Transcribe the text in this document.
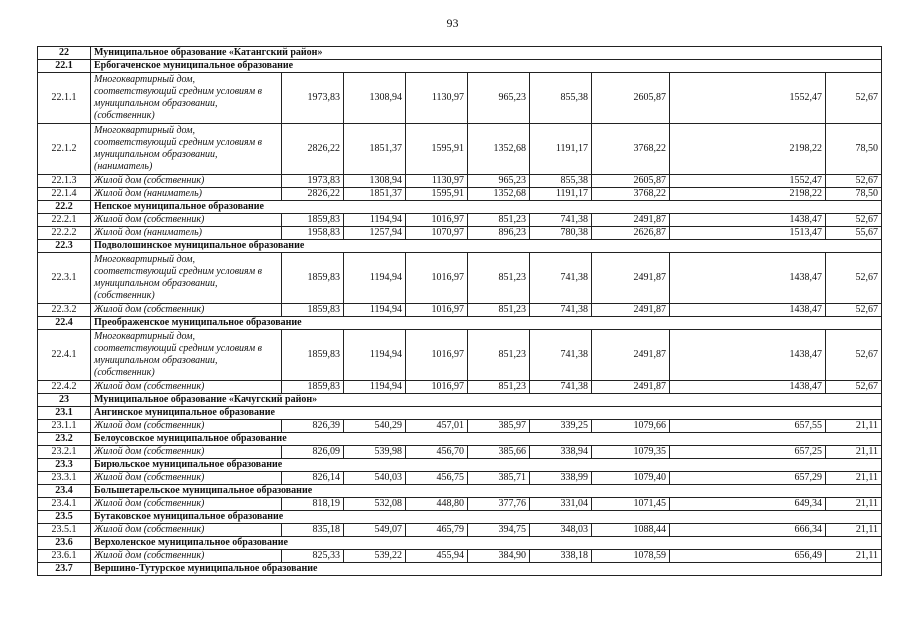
93
22	Муниципальное образование «Катангский район»								
22.1	Ербогаченское муниципальное образование								
22.1.1	Многоквартирный дом, соответствующий средним условиям в муниципальном образовании, (собственник)	1973,83	1308,94	1130,97	965,23	855,38	2605,87	1552,47	52,67
22.1.2	Многоквартирный дом, соответствующий средним условиям в муниципальном образовании, (наниматель)	2826,22	1851,37	1595,91	1352,68	1191,17	3768,22	2198,22	78,50
22.1.3	Жилой дом (собственник)	1973,83	1308,94	1130,97	965,23	855,38	2605,87	1552,47	52,67
22.1.4	Жилой дом (наниматель)	2826,22	1851,37	1595,91	1352,68	1191,17	3768,22	2198,22	78,50
22.2	Непское муниципальное образование								
22.2.1	Жилой дом (собственник)	1859,83	1194,94	1016,97	851,23	741,38	2491,87	1438,47	52,67
22.2.2	Жилой дом (наниматель)	1958,83	1257,94	1070,97	896,23	780,38	2626,87	1513,47	55,67
22.3	Подволошинское муниципальное образование								
22.3.1	Многоквартирный дом, соответствующий средним условиям в муниципальном образовании, (собственник)	1859,83	1194,94	1016,97	851,23	741,38	2491,87	1438,47	52,67
22.3.2	Жилой дом (собственник)	1859,83	1194,94	1016,97	851,23	741,38	2491,87	1438,47	52,67
22.4	Преображенское муниципальное образование								
22.4.1	Многоквартирный дом, соответствующий средним условиям в муниципальном образовании, (собственник)	1859,83	1194,94	1016,97	851,23	741,38	2491,87	1438,47	52,67
22.4.2	Жилой дом (собственник)	1859,83	1194,94	1016,97	851,23	741,38	2491,87	1438,47	52,67
23	Муниципальное образование «Качугский район»								
23.1	Ангинское муниципальное образование								
23.1.1	Жилой дом (собственник)	826,39	540,29	457,01	385,97	339,25	1079,66	657,55	21,11
23.2	Белоусовское муниципальное образование								
23.2.1	Жилой дом (собственник)	826,09	539,98	456,70	385,66	338,94	1079,35	657,25	21,11
23.3	Бирюльское муниципальное образование								
23.3.1	Жилой дом (собственник)	826,14	540,03	456,75	385,71	338,99	1079,40	657,29	21,11
23.4	Большетарельское муниципальное образование								
23.4.1	Жилой дом (собственник)	818,19	532,08	448,80	377,76	331,04	1071,45	649,34	21,11
23.5	Бутаковское муниципальное образование								
23.5.1	Жилой дом (собственник)	835,18	549,07	465,79	394,75	348,03	1088,44	666,34	21,11
23.6	Верхоленское муниципальное образование								
23.6.1	Жилой дом (собственник)	825,33	539,22	455,94	384,90	338,18	1078,59	656,49	21,11
23.7	Вершино-Тутурское муниципальное образование								
